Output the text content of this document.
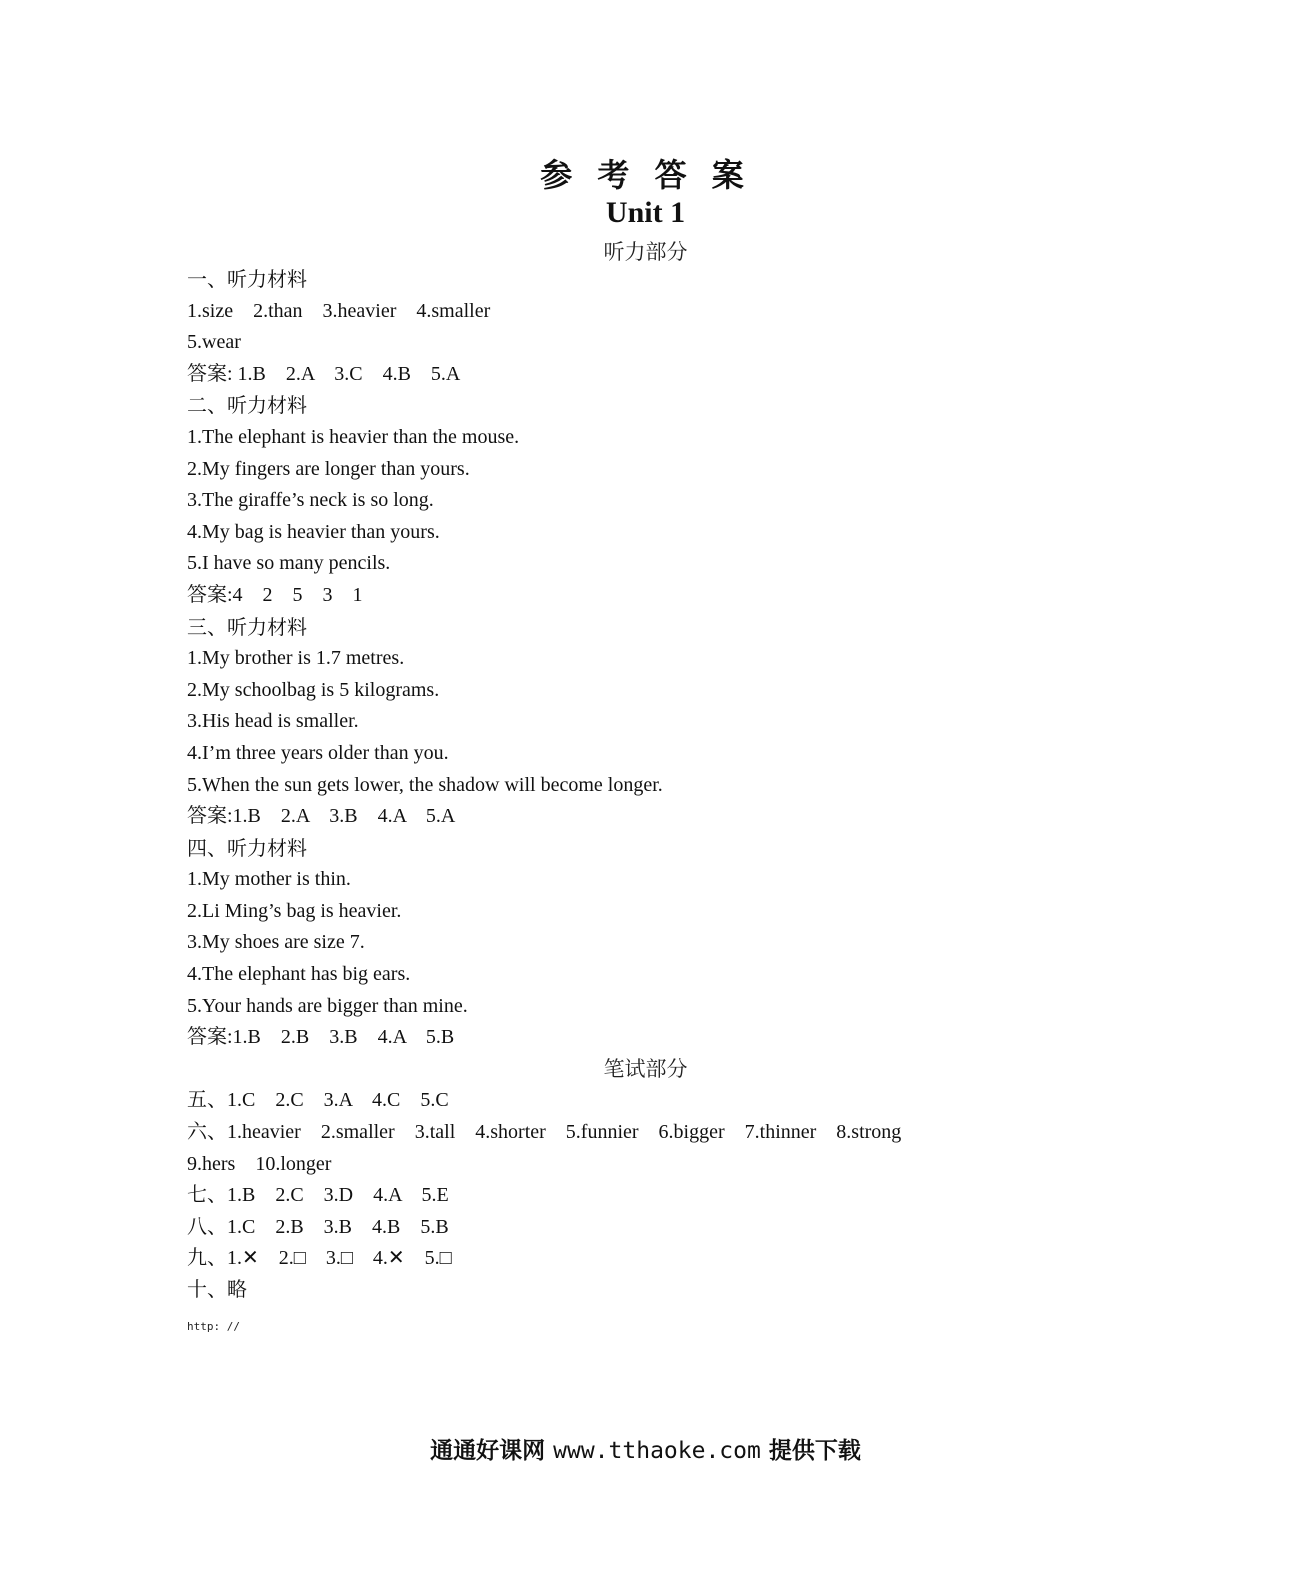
参 考 答 案
Unit 1
听力部分
一、听力材料
1.size    2.than    3.heavier    4.smaller
5.wear
答案: 1.B    2.A    3.C    4.B    5.A
二、听力材料
1.The elephant is heavier than the mouse.
2.My fingers are longer than yours.
3.The giraffe’s neck is so long.
4.My bag is heavier than yours.
5.I have so many pencils.
答案:4    2    5    3    1
三、听力材料
1.My brother is 1.7 metres.
2.My schoolbag is 5 kilograms.
3.His head is smaller.
4.I’m three years older than you.
5.When the sun gets lower, the shadow will become longer.
答案:1.B    2.A    3.B    4.A    5.A
四、听力材料
1.My mother is thin.
2.Li Ming’s bag is heavier.
3.My shoes are size 7.
4.The elephant has big ears.
5.Your hands are bigger than mine.
答案:1.B    2.B    3.B    4.A    5.B
笔试部分
五、1.C    2.C    3.A    4.C    5.C
六、1.heavier    2.smaller    3.tall    4.shorter    5.funnier    6.bigger    7.thinner    8.strong
9.hers    10.longer
七、1.B    2.C    3.D    4.A    5.E
八、1.C    2.B    3.B    4.B    5.B
九、1.✕    2.□    3.□    4.✕    5.□
十、略
http: //
通通好课网 www.tthaoke.com 提供下载
